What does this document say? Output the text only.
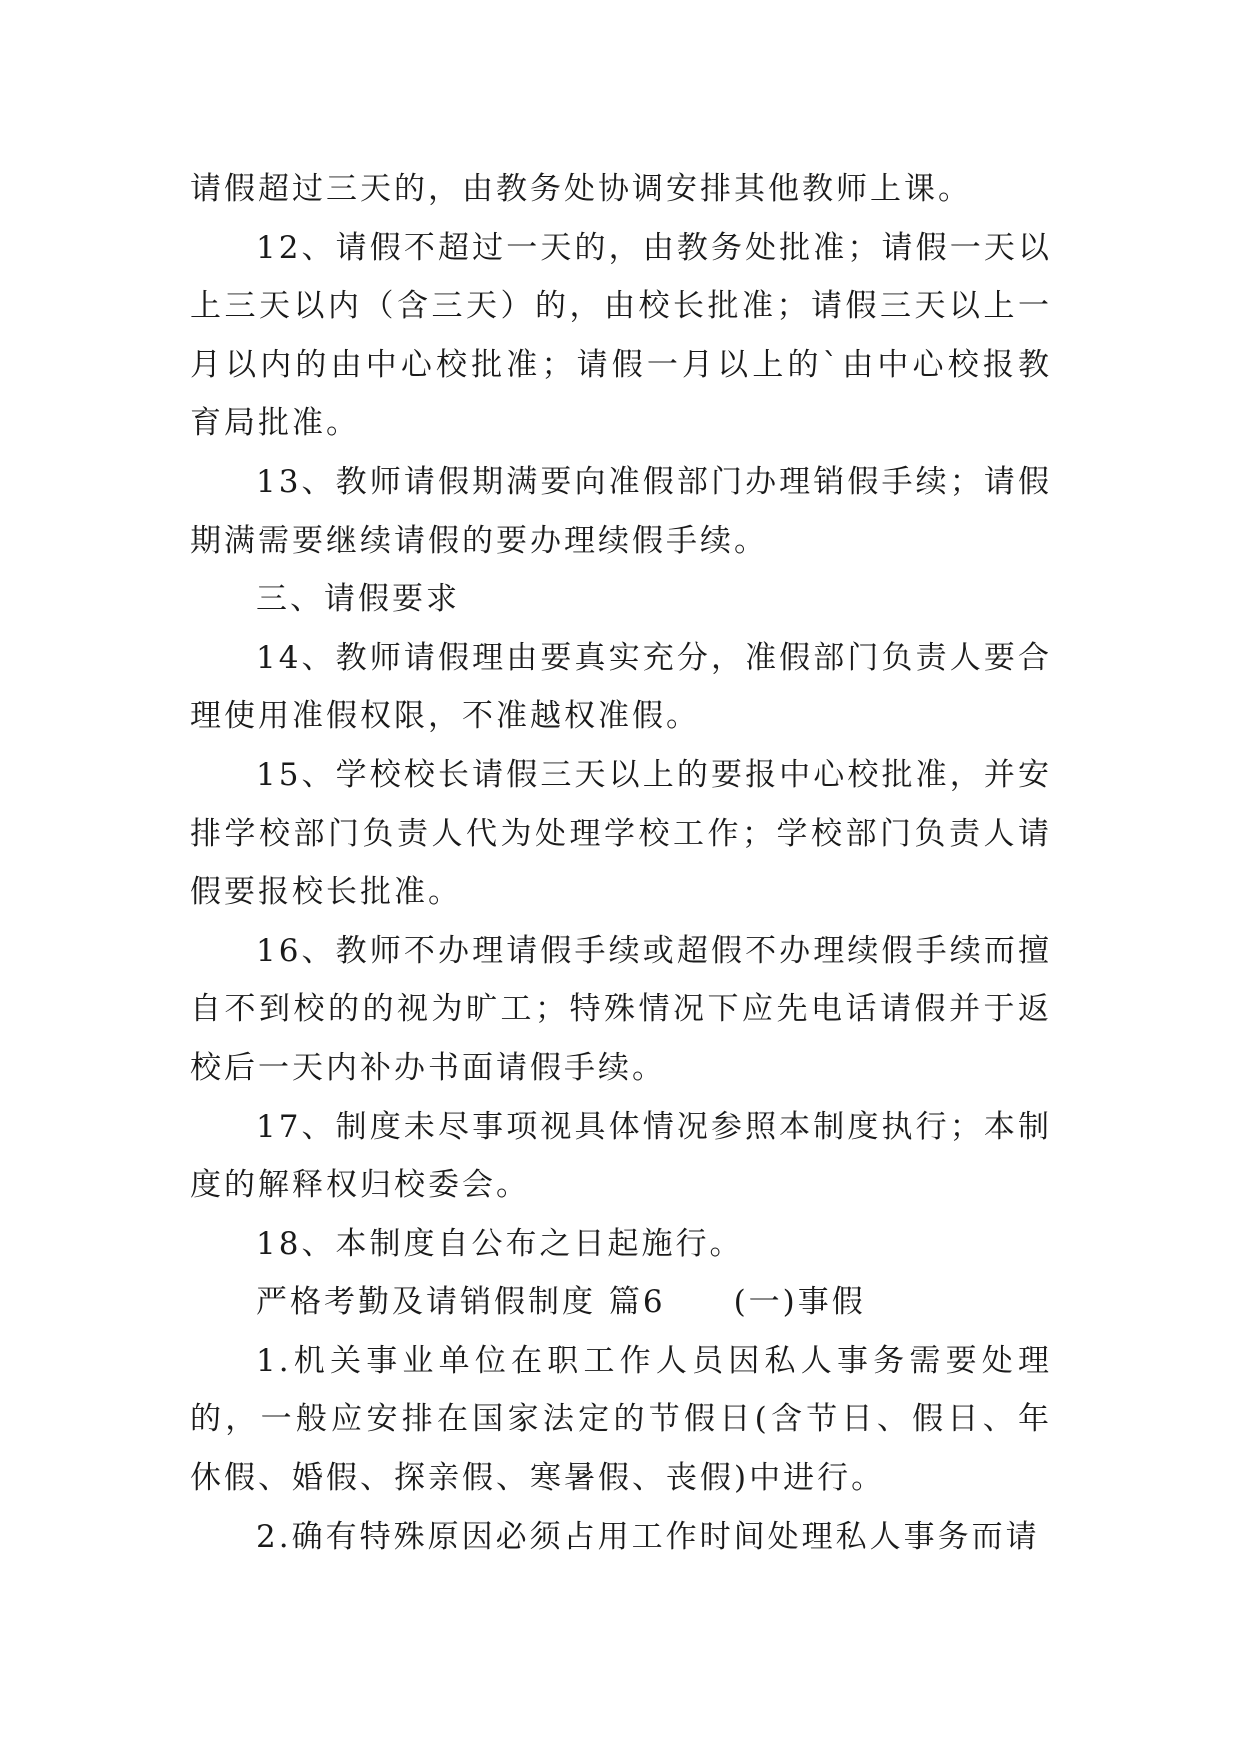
请假超过三天的，由教务处协调安排其他教师上课。

12、请假不超过一天的，由教务处批准；请假一天以上三天以内（含三天）的，由校长批准；请假三天以上一月以内的由中心校批准；请假一月以上的`由中心校报教育局批准。

13、教师请假期满要向准假部门办理销假手续；请假期满需要继续请假的要办理续假手续。

三、请假要求

14、教师请假理由要真实充分，准假部门负责人要合理使用准假权限，不准越权准假。

15、学校校长请假三天以上的要报中心校批准，并安排学校部门负责人代为处理学校工作；学校部门负责人请假要报校长批准。

16、教师不办理请假手续或超假不办理续假手续而擅自不到校的的视为旷工；特殊情况下应先电话请假并于返校后一天内补办书面请假手续。

17、制度未尽事项视具体情况参照本制度执行；本制度的解释权归校委会。

18、本制度自公布之日起施行。

严格考勤及请销假制度 篇6　　(一)事假

1.机关事业单位在职工作人员因私人事务需要处理的，一般应安排在国家法定的节假日(含节日、假日、年休假、婚假、探亲假、寒暑假、丧假)中进行。

2.确有特殊原因必须占用工作时间处理私人事务而请
